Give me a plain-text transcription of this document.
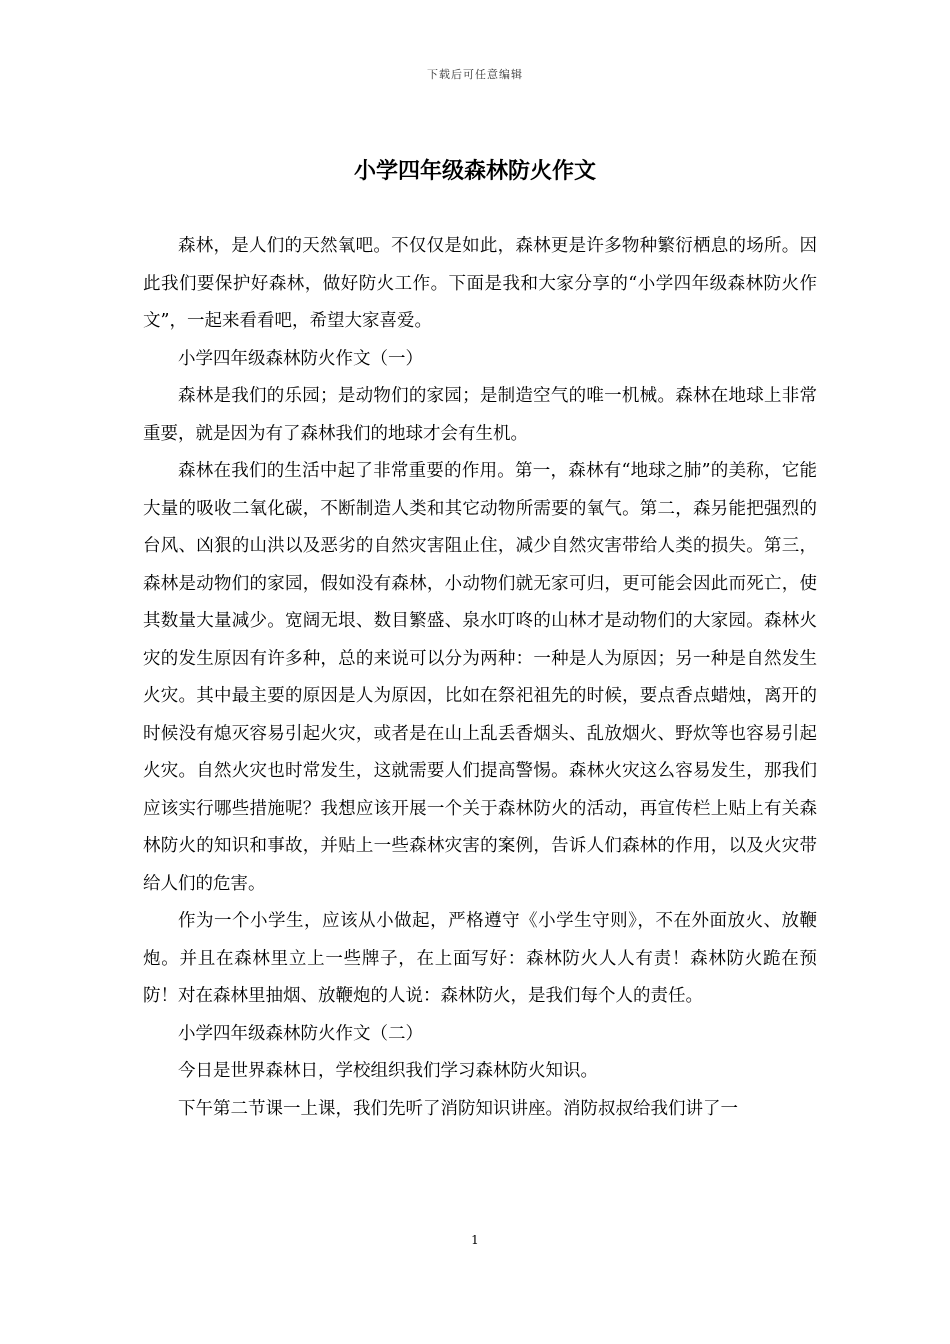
下载后可任意编辑
小学四年级森林防火作文

森林，是人们的天然氧吧。不仅仅是如此，森林更是许多物种繁衍栖息的场所。因此我们要保护好森林，做好防火工作。下面是我和大家分享的“小学四年级森林防火作文”，一起来看看吧，希望大家喜爱。

小学四年级森林防火作文（一）

森林是我们的乐园；是动物们的家园；是制造空气的唯一机械。森林在地球上非常重要，就是因为有了森林我们的地球才会有生机。

森林在我们的生活中起了非常重要的作用。第一，森林有“地球之肺”的美称，它能大量的吸收二氧化碳，不断制造人类和其它动物所需要的氧气。第二，森另能把强烈的台风、凶狠的山洪以及恶劣的自然灾害阻止住，减少自然灾害带给人类的损失。第三，森林是动物们的家园，假如没有森林，小动物们就无家可归，更可能会因此而死亡，使其数量大量减少。宽阔无垠、数目繁盛、泉水叮咚的山林才是动物们的大家园。森林火灾的发生原因有许多种，总的来说可以分为两种：一种是人为原因；另一种是自然发生火灾。其中最主要的原因是人为原因，比如在祭祀祖先的时候，要点香点蜡烛，离开的时候没有熄灭容易引起火灾，或者是在山上乱丢香烟头、乱放烟火、野炊等也容易引起火灾。自然火灾也时常发生，这就需要人们提高警惕。森林火灾这么容易发生，那我们应该实行哪些措施呢？我想应该开展一个关于森林防火的活动，再宣传栏上贴上有关森林防火的知识和事故，并贴上一些森林灾害的案例，告诉人们森林的作用，以及火灾带给人们的危害。

作为一个小学生，应该从小做起，严格遵守《小学生守则》，不在外面放火、放鞭炮。并且在森林里立上一些牌子，在上面写好：森林防火人人有责！森林防火跪在预防！对在森林里抽烟、放鞭炮的人说：森林防火，是我们每个人的责任。

小学四年级森林防火作文（二）

今日是世界森林日，学校组织我们学习森林防火知识。

下午第二节课一上课，我们先听了消防知识讲座。消防叔叔给我们讲了一

1
